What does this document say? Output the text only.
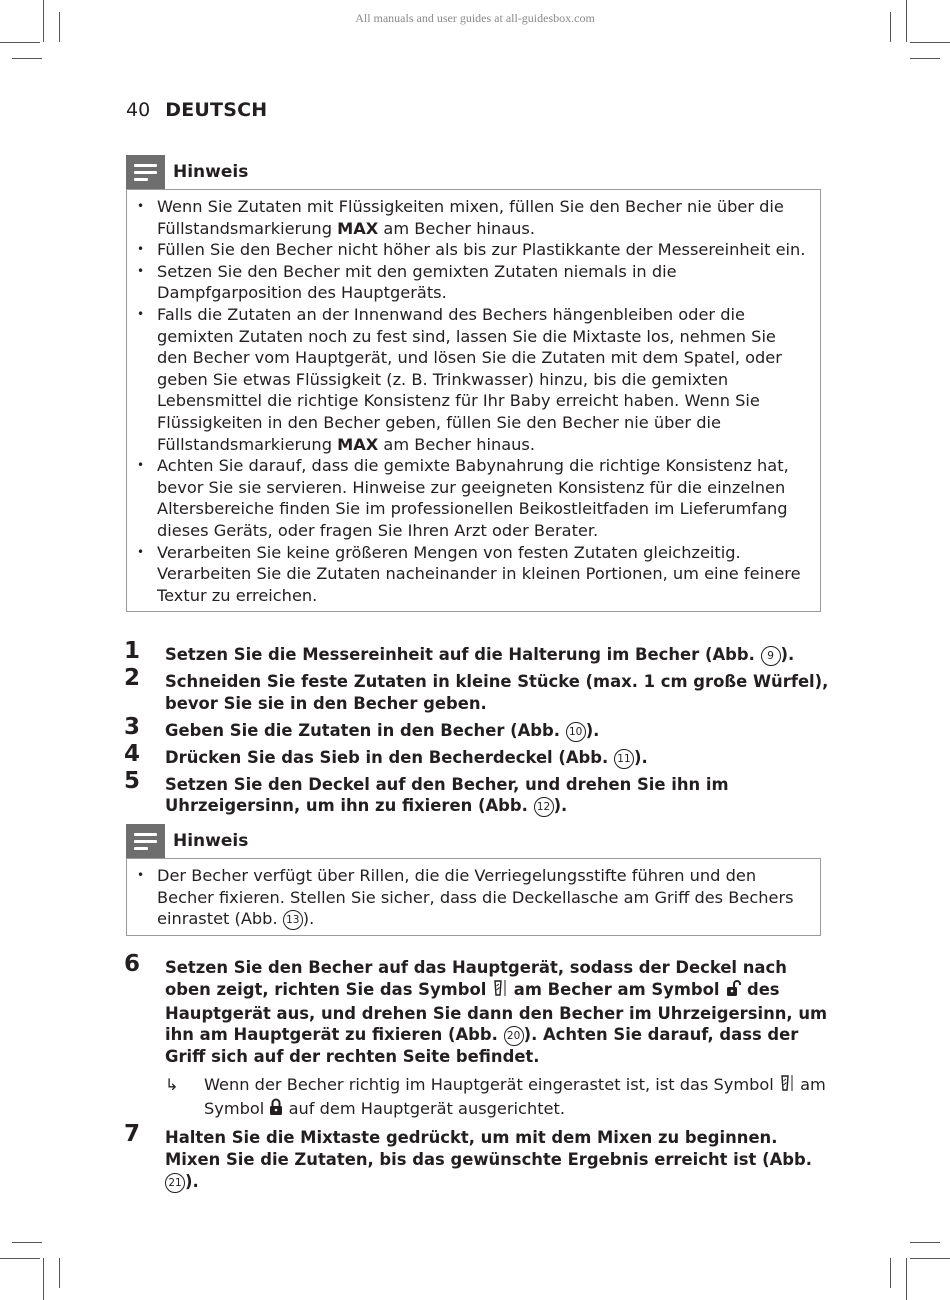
All manuals and user guides at all-guidesbox.com
40 DEUTSCH
Hinweis
• Wenn Sie Zutaten mit Flüssigkeiten mixen, füllen Sie den Becher nie über die Füllstandsmarkierung MAX am Becher hinaus.
• Füllen Sie den Becher nicht höher als bis zur Plastikkante der Messereinheit ein.
• Setzen Sie den Becher mit den gemixten Zutaten niemals in die Dampfgarposition des Hauptgeräts.
• Falls die Zutaten an der Innenwand des Bechers hängenbleiben oder die gemixten Zutaten noch zu fest sind, lassen Sie die Mixtaste los, nehmen Sie den Becher vom Hauptgerät, und lösen Sie die Zutaten mit dem Spatel, oder geben Sie etwas Flüssigkeit (z. B. Trinkwasser) hinzu, bis die gemixten Lebensmittel die richtige Konsistenz für Ihr Baby erreicht haben. Wenn Sie Flüssigkeiten in den Becher geben, füllen Sie den Becher nie über die Füllstandsmarkierung MAX am Becher hinaus.
• Achten Sie darauf, dass die gemixte Babynahrung die richtige Konsistenz hat, bevor Sie sie servieren. Hinweise zur geeigneten Konsistenz für die einzelnen Altersbereiche finden Sie im professionellen Beikostleitfaden im Lieferumfang dieses Geräts, oder fragen Sie Ihren Arzt oder Berater.
• Verarbeiten Sie keine größeren Mengen von festen Zutaten gleichzeitig. Verarbeiten Sie die Zutaten nacheinander in kleinen Portionen, um eine feinere Textur zu erreichen.
1 Setzen Sie die Messereinheit auf die Halterung im Becher (Abb. 9 ).
2 Schneiden Sie feste Zutaten in kleine Stücke (max. 1 cm große Würfel), bevor Sie sie in den Becher geben.
3 Geben Sie die Zutaten in den Becher (Abb. 10 ).
4 Drücken Sie das Sieb in den Becherdeckel (Abb. 11 ).
5 Setzen Sie den Deckel auf den Becher, und drehen Sie ihn im Uhrzeigersinn, um ihn zu fixieren (Abb. 12 ).
Hinweis
• Der Becher verfügt über Rillen, die die Verriegelungsstifte führen und den Becher fixieren. Stellen Sie sicher, dass die Deckellasche am Griff des Bechers einrastet (Abb. 13 ).
6 Setzen Sie den Becher auf das Hauptgerät, sodass der Deckel nach oben zeigt, richten Sie das Symbol  am Becher am Symbol  des Hauptgerät aus, und drehen Sie dann den Becher im Uhrzeigersinn, um ihn am Hauptgerät zu fixieren (Abb. 20 ). Achten Sie darauf, dass der Griff sich auf der rechten Seite befindet.
↳ Wenn der Becher richtig im Hauptgerät eingerastet ist, ist das Symbol  am Symbol  auf dem Hauptgerät ausgerichtet.
7 Halten Sie die Mixtaste gedrückt, um mit dem Mixen zu beginnen. Mixen Sie die Zutaten, bis das gewünschte Ergebnis erreicht ist (Abb. 21 ).
